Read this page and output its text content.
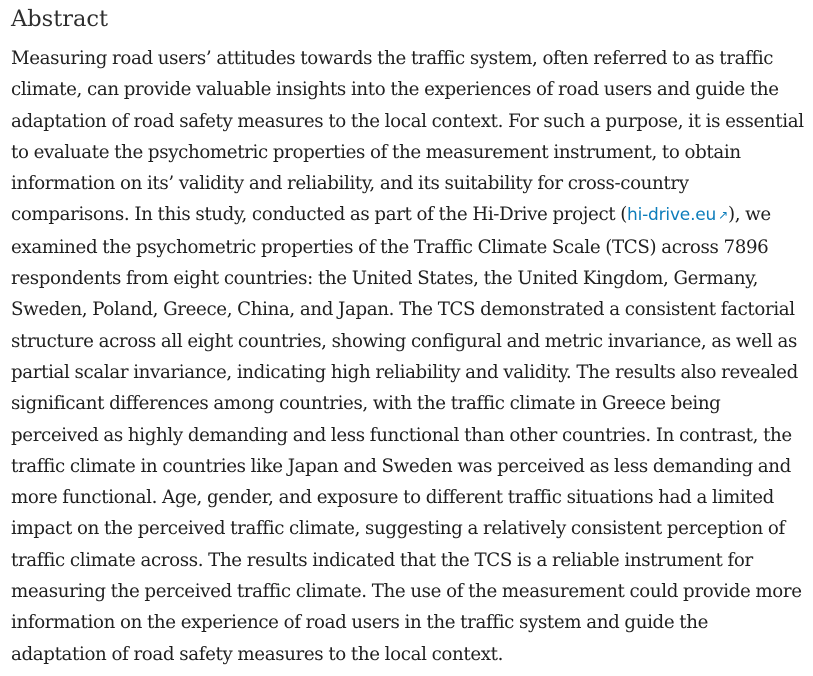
Abstract

Measuring road users’ attitudes towards the traffic system, often referred to as traffic climate, can provide valuable insights into the experiences of road users and guide the adaptation of road safety measures to the local context. For such a purpose, it is essential to evaluate the psychometric properties of the measurement instrument, to obtain information on its’ validity and reliability, and its suitability for cross-country comparisons. In this study, conducted as part of the Hi-Drive project (hi-drive.eu ↗), we examined the psychometric properties of the Traffic Climate Scale (TCS) across 7896 respondents from eight countries: the United States, the United Kingdom, Germany, Sweden, Poland, Greece, China, and Japan. The TCS demonstrated a consistent factorial structure across all eight countries, showing configural and metric invariance, as well as partial scalar invariance, indicating high reliability and validity. The results also revealed significant differences among countries, with the traffic climate in Greece being perceived as highly demanding and less functional than other countries. In contrast, the traffic climate in countries like Japan and Sweden was perceived as less demanding and more functional. Age, gender, and exposure to different traffic situations had a limited impact on the perceived traffic climate, suggesting a relatively consistent perception of traffic climate across. The results indicated that the TCS is a reliable instrument for measuring the perceived traffic climate. The use of the measurement could provide more information on the experience of road users in the traffic system and guide the adaptation of road safety measures to the local context.
